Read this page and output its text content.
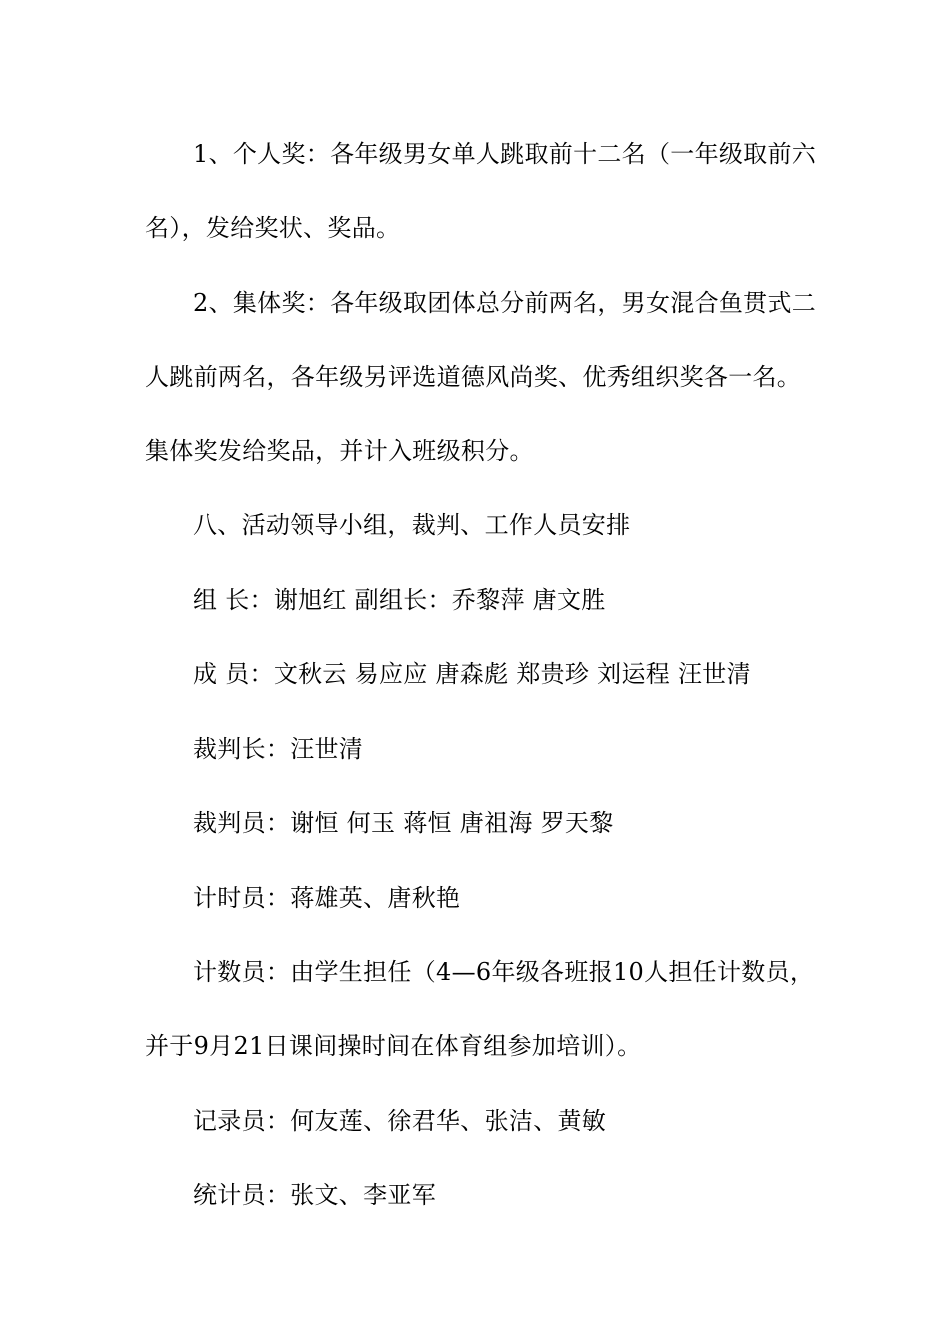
1、个人奖：各年级男女单人跳取前十二名（一年级取前六
名），发给奖状、奖品。
2、集体奖：各年级取团体总分前两名，男女混合鱼贯式二
人跳前两名，各年级另评选道德风尚奖、优秀组织奖各一名。
集体奖发给奖品，并计入班级积分。
八、活动领导小组，裁判、工作人员安排
组 长：谢旭红 副组长：乔黎萍 唐文胜
成 员：文秋云 易应应 唐森彪 郑贵珍 刘运程 汪世清
裁判长：汪世清
裁判员：谢恒 何玉 蒋恒 唐祖海 罗天黎
计时员：蒋雄英、唐秋艳
计数员：由学生担任（4—6年级各班报10人担任计数员，
并于9月21日课间操时间在体育组参加培训）。
记录员：何友莲、徐君华、张洁、黄敏
统计员：张文、李亚军
